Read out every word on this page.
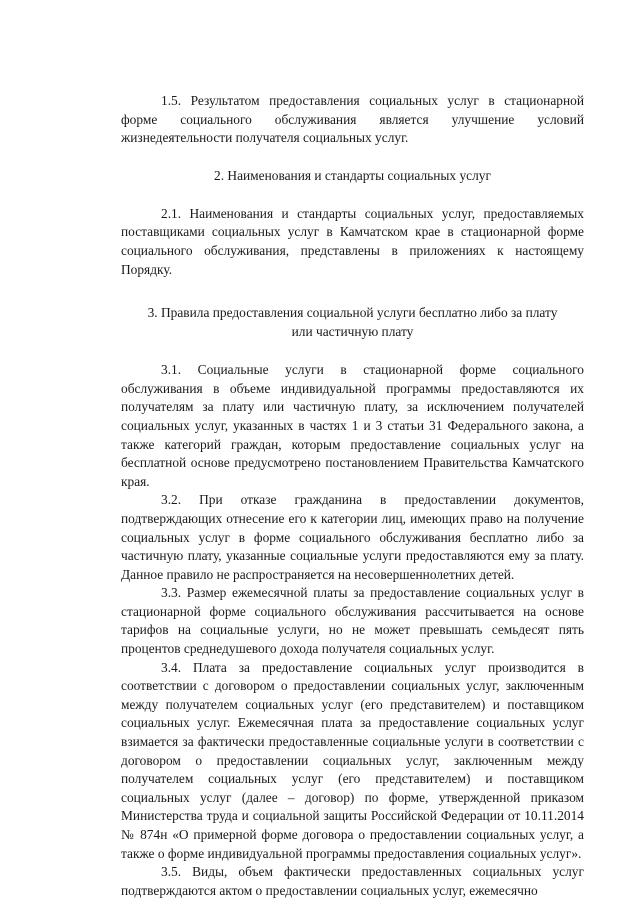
1.5. Результатом предоставления социальных услуг в стационарной форме социального обслуживания является улучшение условий жизнедеятельности получателя социальных услуг.

2. Наименования и стандарты социальных услуг

2.1. Наименования и стандарты социальных услуг, предоставляемых поставщиками социальных услуг в Камчатском крае в стационарной форме социального обслуживания, представлены в приложениях к настоящему Порядку.

3. Правила предоставления социальной услуги бесплатно либо за плату

или частичную плату

3.1. Социальные услуги в стационарной форме социального обслуживания в объеме индивидуальной программы предоставляются их получателям за плату или частичную плату, за исключением получателей социальных услуг, указанных в частях 1 и 3 статьи 31 Федерального закона, а также категорий граждан, которым предоставление социальных услуг на бесплатной основе предусмотрено постановлением Правительства Камчатского края.

3.2. При отказе гражданина в предоставлении документов, подтверждающих отнесение его к категории лиц, имеющих право на получение социальных услуг в форме социального обслуживания бесплатно либо за частичную плату, указанные социальные услуги предоставляются ему за плату. Данное правило не распространяется на несовершеннолетних детей.

3.3. Размер ежемесячной платы за предоставление социальных услуг в стационарной форме социального обслуживания рассчитывается на основе тарифов на социальные услуги, но не может превышать семьдесят пять процентов среднедушевого дохода получателя социальных услуг.

3.4. Плата за предоставление социальных услуг производится в соответствии с договором о предоставлении социальных услуг, заключенным между получателем социальных услуг (его представителем) и поставщиком социальных услуг. Ежемесячная плата за предоставление социальных услуг взимается за фактически предоставленные социальные услуги в соответствии с договором о предоставлении социальных услуг, заключенным между получателем социальных услуг (его представителем) и поставщиком социальных услуг (далее – договор) по форме, утвержденной приказом Министерства труда и социальной защиты Российской Федерации от 10.11.2014 № 874н «О примерной форме договора о предоставлении социальных услуг, а также о форме индивидуальной программы предоставления социальных услуг».

3.5. Виды, объем фактически предоставленных социальных услуг подтверждаются актом о предоставлении социальных услуг, ежемесячно
